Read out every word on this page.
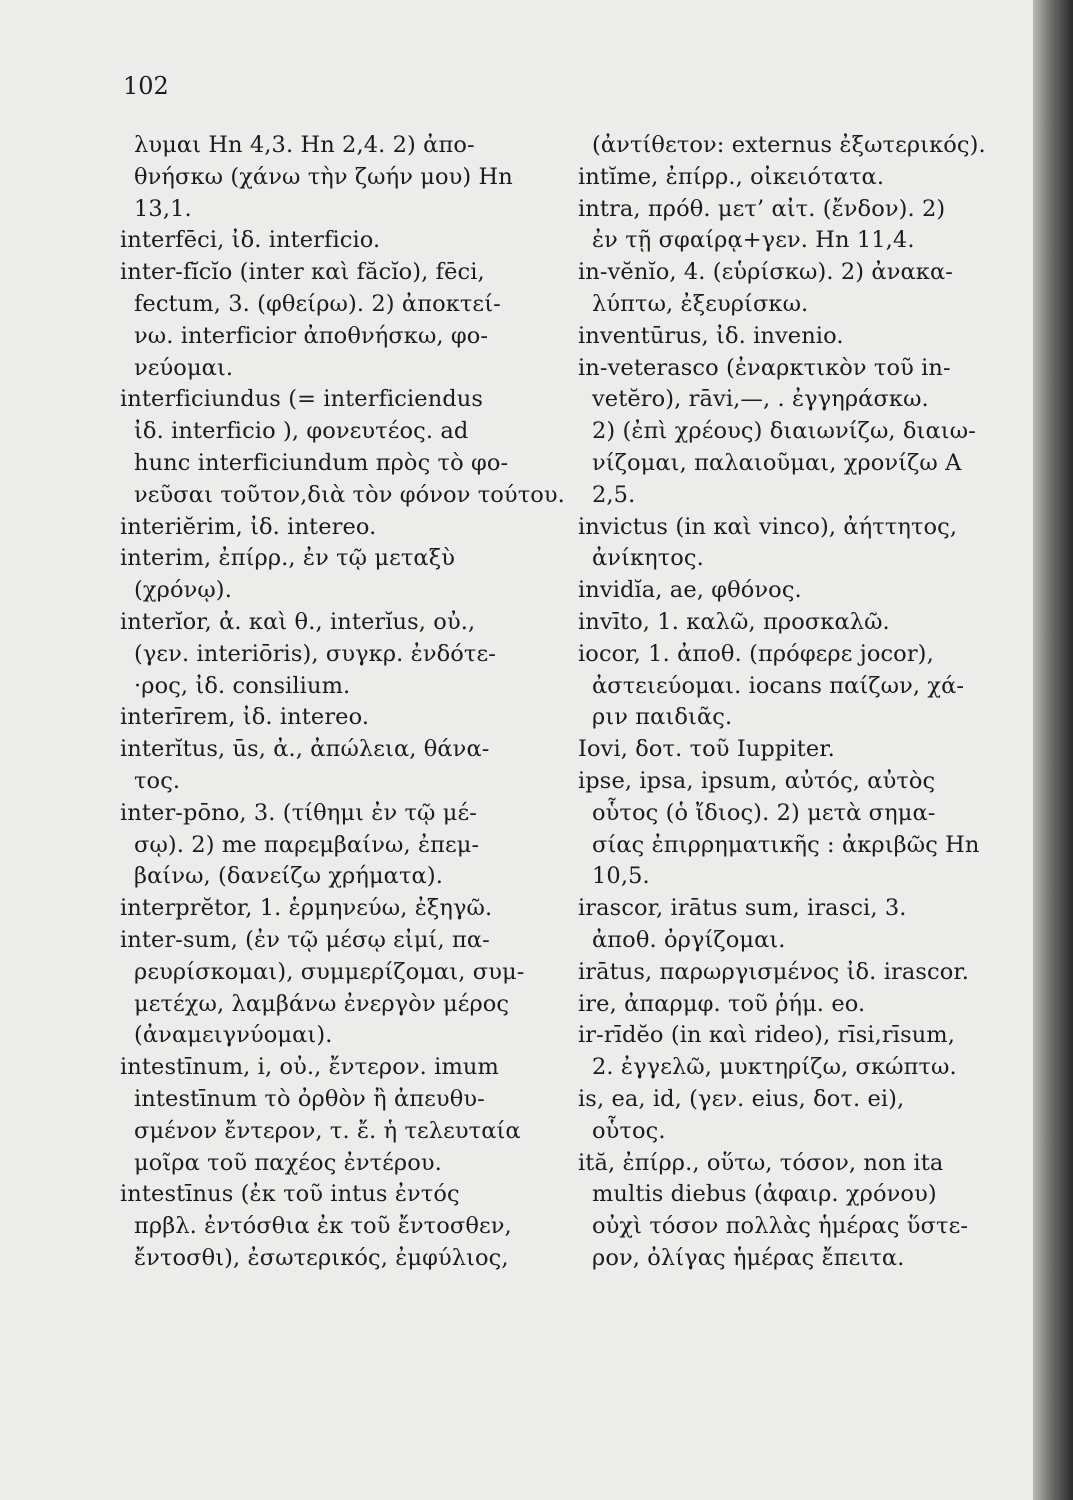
102
λυμαι Hn 4,3. Hn 2,4. 2) ἀπο-
θνήσκω (χάνω τὴν ζωήν μου) Hn
13,1.
interfēci, ἰδ. interficio.
inter-fĭcĭo (inter καὶ făcĭo), fēci,
fectum, 3. (φθείρω). 2) ἀποκτεί-
νω. interficior ἀποθνήσκω, φο-
νεύομαι.
interficiundus (= interficiendus
ἰδ. interficio ), φονευτέος. ad
hunc interficiundum πρὸς τὸ φο-
νεῦσαι τοῦτον,διὰ τὸν φόνον τούτου.
interiĕrim, ἰδ. intereo.
interim, ἐπίρρ., ἐν τῷ μεταξὺ
(χρόνῳ).
interĭor, ἀ. καὶ θ., interĭus, οὐ.,
(γεν. interiōris), συγκρ. ἐνδότε-
·ρος, ἰδ. consilium.
interīrem, ἰδ. intereo.
interĭtus, ūs, ἀ., ἀπώλεια, θάνα-
τος.
inter-pōno, 3. (τίθημι ἐν τῷ μέ-
σῳ). 2) me παρεμβαίνω, ἐπεμ-
βαίνω, (δανείζω χρήματα).
interprĕtor, 1. ἑρμηνεύω, ἐξηγῶ.
inter-sum, (ἐν τῷ μέσῳ εἰμί, πα-
ρευρίσκομαι), συμμερίζομαι, συμ-
μετέχω, λαμβάνω ἐνεργὸν μέρος
(ἀναμειγνύομαι).
intestīnum, i, οὐ., ἔντερον. imum
intestīnum τὸ ὀρθὸν ἢ ἀπευθυ-
σμένον ἔντερον, τ. ἔ. ἡ τελευταία
μοῖρα τοῦ παχέος ἐντέρου.
intestīnus (ἐκ τοῦ intus ἐντός
πρβλ. ἐντόσθια ἐκ τοῦ ἔντοσθεν,
ἔντοσθι), ἐσωτερικός, ἐμφύλιος,
(ἀντίθετον: externus ἐξωτερικός).
intĭme, ἐπίρρ., οἰκειότατα.
intra, πρόθ. μετ’ αἰτ. (ἔνδον). 2)
ἐν τῇ σφαίρᾳ+γεν. Hn 11,4.
in-vĕnĭo, 4. (εὑρίσκω). 2) ἀνακα-
λύπτω, ἐξευρίσκω.
inventūrus, ἰδ. invenio.
in-veterasco (ἐναρκτικὸν τοῦ in-
vetĕro), rāvi,—, . ἐγγηράσκω.
2) (ἐπὶ χρέους) διαιωνίζω, διαιω-
νίζομαι, παλαιοῦμαι, χρονίζω A
2,5.
invictus (in καὶ vinco), ἀήττητος,
ἀνίκητος.
invidĭa, ae, φθόνος.
invīto, 1. καλῶ, προσκαλῶ.
iocor, 1. ἀποθ. (πρόφερε jocor),
ἀστειεύομαι. iocans παίζων, χά-
ριν παιδιᾶς.
Iovi, δοτ. τοῦ Iuppiter.
ipse, ipsa, ipsum, αὐτός, αὐτὸς
οὗτος (ὁ ἴδιος). 2) μετὰ σημα-
σίας ἐπιρρηματικῆς : ἀκριβῶς Hn
10,5.
irascor, irātus sum, irasci, 3.
ἀποθ. ὀργίζομαι.
irātus, παρωργισμένος ἰδ. irascor.
ire, ἀπαρμφ. τοῦ ῥήμ. eo.
ir-rīdĕo (in καὶ rideo), rīsi,rīsum,
2. ἐγγελῶ, μυκτηρίζω, σκώπτω.
is, ea, id, (γεν. eius, δοτ. ei),
οὗτος.
ită, ἐπίρρ., οὕτω, τόσον, non ita
multis diebus (ἀφαιρ. χρόνου)
οὐχὶ τόσον πολλὰς ἡμέρας ὕστε-
ρον, ὀλίγας ἡμέρας ἔπειτα.
